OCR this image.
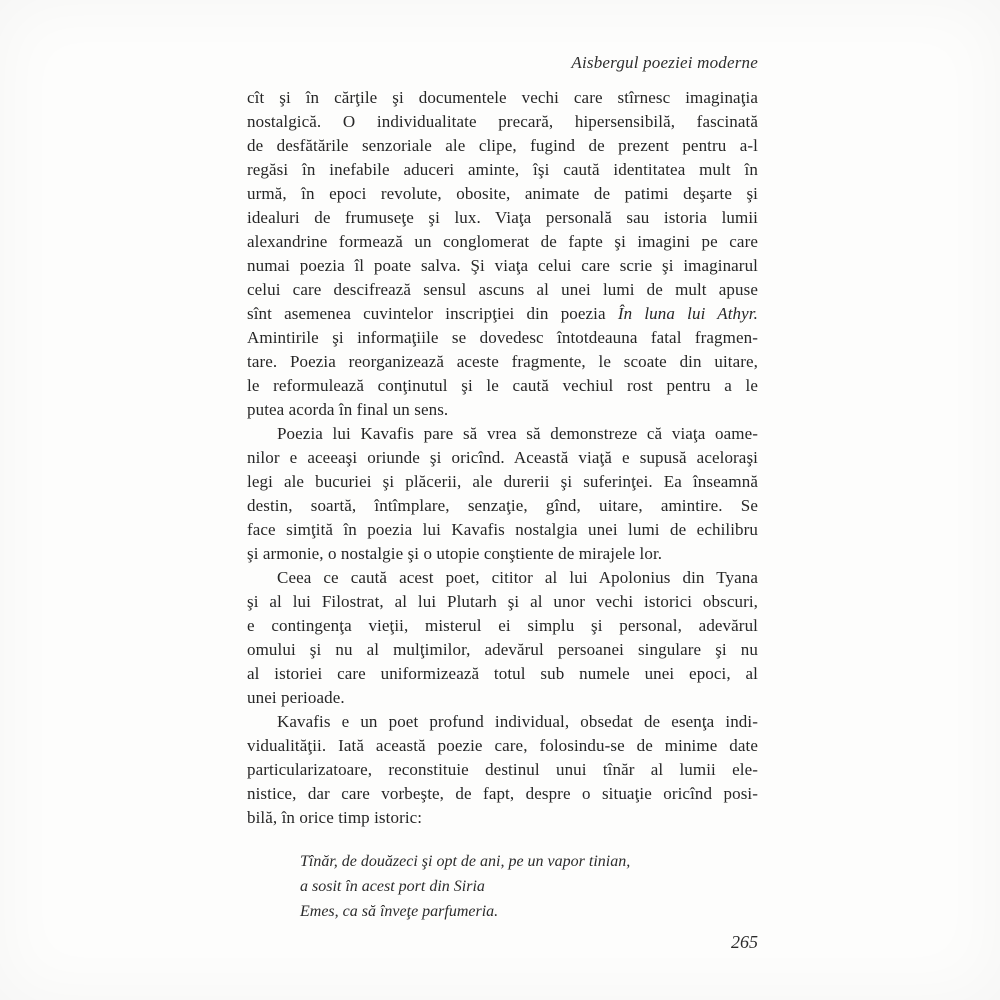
Aisbergul poeziei moderne
cît şi în cărţile şi documentele vechi care stîrnesc imaginaţia
nostalgică. O individualitate precară, hipersensibilă, fascinată
de desfătările senzoriale ale clipe, fugind de prezent pentru a-l
regăsi în inefabile aduceri aminte, îşi caută identitatea mult în
urmă, în epoci revolute, obosite, animate de patimi deşarte şi
idealuri de frumuseţe şi lux. Viaţa personală sau istoria lumii
alexandrine formează un conglomerat de fapte şi imagini pe care
numai poezia îl poate salva. Şi viaţa celui care scrie şi imaginarul
celui care descifrează sensul ascuns al unei lumi de mult apuse
sînt asemenea cuvintelor inscripţiei din poezia În luna lui Athyr.
Amintirile şi informaţiile se dovedesc întotdeauna fatal fragmen-
tare. Poezia reorganizează aceste fragmente, le scoate din uitare,
le reformulează conţinutul şi le caută vechiul rost pentru a le
putea acorda în final un sens.
Poezia lui Kavafis pare să vrea să demonstreze că viaţa oame-
nilor e aceeaşi oriunde şi oricînd. Această viaţă e supusă aceloraşi
legi ale bucuriei şi plăcerii, ale durerii şi suferinţei. Ea înseamnă
destin, soartă, întîmplare, senzaţie, gînd, uitare, amintire. Se
face simţită în poezia lui Kavafis nostalgia unei lumi de echilibru
şi armonie, o nostalgie şi o utopie conştiente de mirajele lor.
Ceea ce caută acest poet, cititor al lui Apolonius din Tyana
şi al lui Filostrat, al lui Plutarh şi al unor vechi istorici obscuri,
e contingenţa vieţii, misterul ei simplu şi personal, adevărul
omului şi nu al mulţimilor, adevărul persoanei singulare şi nu
al istoriei care uniformizează totul sub numele unei epoci, al
unei perioade.
Kavafis e un poet profund individual, obsedat de esenţa indi-
vidualităţii. Iată această poezie care, folosindu-se de minime date
particularizatoare, reconstituie destinul unui tînăr al lumii ele-
nistice, dar care vorbeşte, de fapt, despre o situaţie oricînd posi-
bilă, în orice timp istoric:
Tînăr, de douăzeci şi opt de ani, pe un vapor tinian,
a sosit în acest port din Siria
Emes, ca să înveţe parfumeria.
265
